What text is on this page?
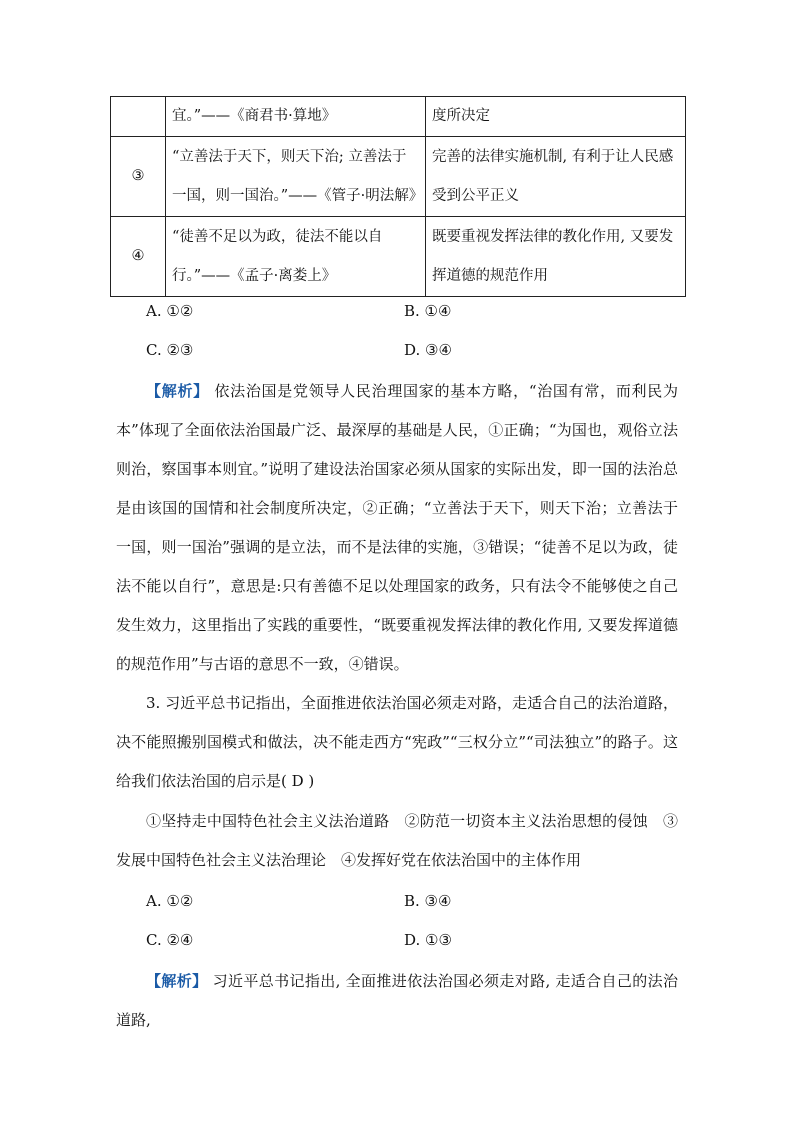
	宜。”——《商君书·算地》	度所决定
③	“立善法于天下，则天下治; 立善法于一国，则一国治。”——《管子·明法解》	完善的法律实施机制, 有利于让人民感受到公平正义
④	“徒善不足以为政，徒法不能以自行。”——《孟子·离娄上》	既要重视发挥法律的教化作用, 又要发挥道德的规范作用
A. ①②	B. ①④
C. ②③	D. ③④
【解析】 依法治国是党领导人民治理国家的基本方略，“治国有常，而利民为本”体现了全面依法治国最广泛、最深厚的基础是人民，①正确；“为国也，观俗立法则治，察国事本则宜。”说明了建设法治国家必须从国家的实际出发，即一国的法治总是由该国的国情和社会制度所决定，②正确；“立善法于天下，则天下治；立善法于一国，则一国治”强调的是立法，而不是法律的实施，③错误；“徒善不足以为政，徒法不能以自行”，意思是:只有善德不足以处理国家的政务，只有法令不能够使之自己发生效力，这里指出了实践的重要性，“既要重视发挥法律的教化作用, 又要发挥道德的规范作用”与古语的意思不一致，④错误。
3. 习近平总书记指出，全面推进依法治国必须走对路，走适合自己的法治道路，决不能照搬别国模式和做法，决不能走西方“宪政”“三权分立”“司法独立”的路子。这给我们依法治国的启示是( D )
①坚持走中国特色社会主义法治道路　②防范一切资本主义法治思想的侵蚀　③发展中国特色社会主义法治理论　④发挥好党在依法治国中的主体作用
A. ①②	B. ③④
C. ②④	D. ①③
【解析】 习近平总书记指出, 全面推进依法治国必须走对路, 走适合自己的法治道路,
